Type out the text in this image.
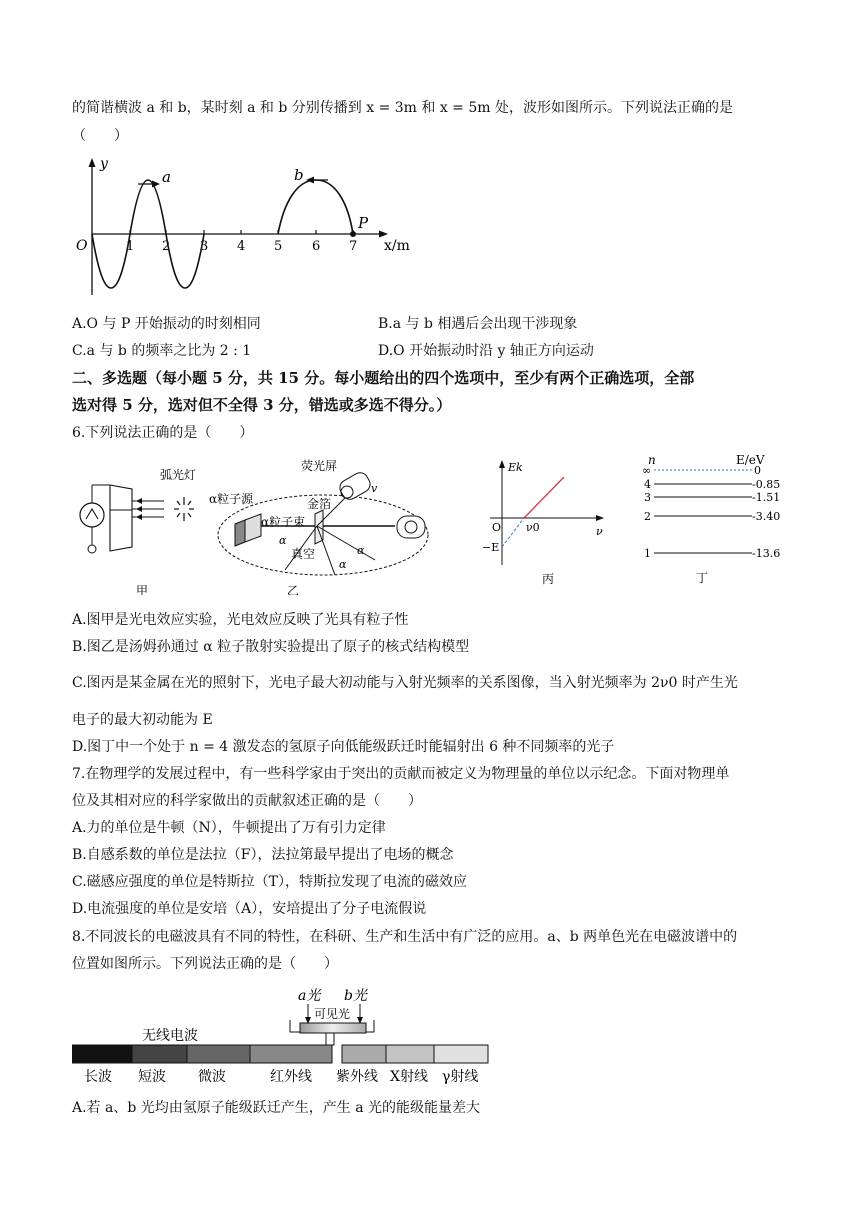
的简谐横波 a 和 b，某时刻 a 和 b 分别传播到 x = 3m 和 x = 5m 处，波形如图所示。下列说法正确的是
（　　）
y
O	x/m
1 2 3 4 5 6 7
a	b
P
A.O 与 P 开始振动的时刻相同	B.a 与 b 相遇后会出现干涉现象
C.a 与 b 的频率之比为 2 : 1	D.O 开始振动时沿 y 轴正方向运动
二、多选题（每小题 5 分，共 15 分。每小题给出的四个选项中，至少有两个正确选项，全部
选对得 5 分，选对但不全得 3 分，错选或多选不得分。）
6.下列说法正确的是（　　）
弧光灯
甲
荧光屏
α粒子源	金箔
α粒子束
真空
α
α
α
v
乙
Ek
ν
O
−E
ν0
丙
n	E/eV
∞
4
3
2
1
0
-0.85
-1.51
-3.40
-13.6
丁
A.图甲是光电效应实验，光电效应反映了光具有粒子性
B.图乙是汤姆孙通过 α 粒子散射实验提出了原子的核式结构模型
C.图丙是某金属在光的照射下，光电子最大初动能与入射光频率的关系图像，当入射光频率为 2ν0 时产生光
电子的最大初动能为 E
D.图丁中一个处于 n = 4 激发态的氢原子向低能级跃迁时能辐射出 6 种不同频率的光子
7.在物理学的发展过程中，有一些科学家由于突出的贡献而被定义为物理量的单位以示纪念。下面对物理单
位及其相对应的科学家做出的贡献叙述正确的是（　　）
A.力的单位是牛顿（N），牛顿提出了万有引力定律
B.自感系数的单位是法拉（F），法拉第最早提出了电场的概念
C.磁感应强度的单位是特斯拉（T），特斯拉发现了电流的磁效应
D.电流强度的单位是安培（A），安培提出了分子电流假说
8.不同波长的电磁波具有不同的特性，在科研、生产和生活中有广泛的应用。a、b 两单色光在电磁波谱中的
位置如图所示。下列说法正确的是（　　）
a光 b光
可见光
无线电波
长波 短波 微波	红外线 紫外线 X射线 γ射线
A.若 a、b 光均由氢原子能级跃迁产生，产生 a 光的能级能量差大
